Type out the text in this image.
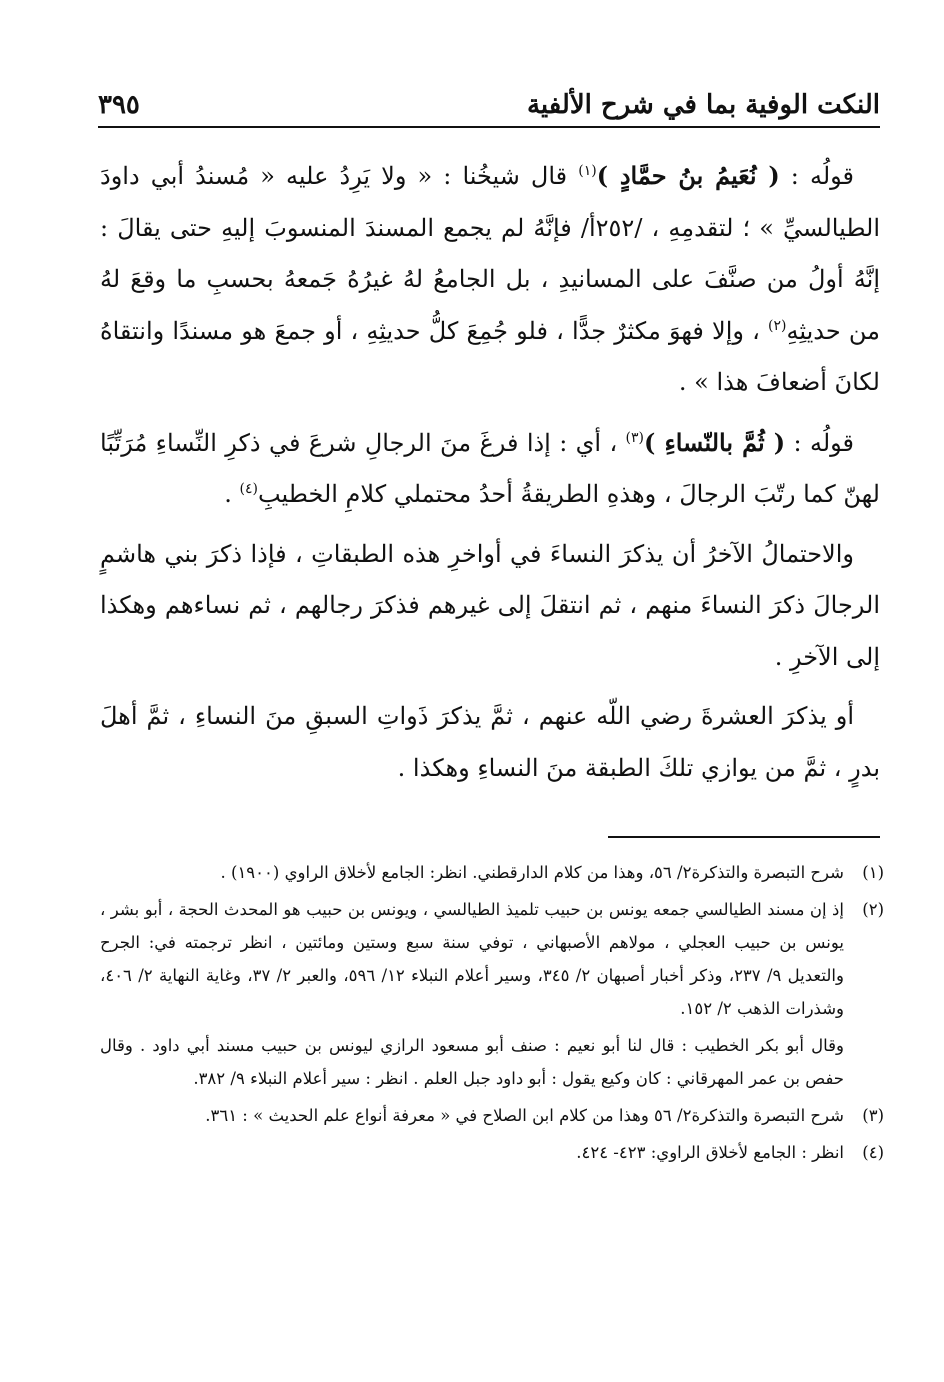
النكت الوفية بما في شرح الألفية
٣٩٥

قولُه : ( نُعَيمُ بنُ حمَّادٍ )$^{(١)}$ قال شيخُنا : « ولا يَرِدُ عليه « مُسندُ أبي داودَ الطيالسيِّ » ؛ لتقدمِهِ ، /٢٥٢أ/ فإنَّهُ لم يجمع المسندَ المنسوبَ إليهِ حتى يقالَ : إنَّهُ أولُ من صنَّفَ على المسانيدِ ، بل الجامعُ لهُ غيرُهُ جَمعهُ بحسبِ ما وقعَ لهُ من حديثِهِ$^{(٢)}$ ، وإلا فهوَ مكثرٌ جدًّا ، فلو جُمِعَ كلُّ حديثِهِ ، أو جمعَ هو مسندًا وانتقاهُ لكانَ أضعافَ هذا » .

قولُه : ( ثُمَّ بالنّساءِ )$^{(٣)}$ ، أي : إذا فرغَ منَ الرجالِ شرعَ في ذكرِ النِّساءِ مُرَتِّبًا لهنّ كما رتّبَ الرجالَ ، وهذهِ الطريقةُ أحدُ محتملي كلامِ الخطيبِ$^{(٤)}$ .

والاحتمالُ الآخرُ أن يذكرَ النساءَ في أواخرِ هذه الطبقاتِ ، فإذا ذكرَ بني هاشمٍ الرجالَ ذكرَ النساءَ منهم ، ثم انتقلَ إلى غيرهم فذكرَ رجالهم ، ثم نساءهم وهكذا إلى الآخرِ .

أو يذكرَ العشرةَ رضي اللّه عنهم ، ثمَّ يذكرَ ذَواتِ السبقِ منَ النساءِ ، ثمَّ أهلَ بدرٍ ، ثمَّ من يوازي تلكَ الطبقة منَ النساءِ وهكذا .

(١)شرح التبصرة والتذكرة٢/ ٥٦، وهذا من كلام الدارقطني. انظر: الجامع لأخلاق الراوي (١٩٠٠) .

(٢)إذ إن مسند الطيالسي جمعه يونس بن حبيب تلميذ الطيالسي ، ويونس بن حبيب هو المحدث الحجة ، أبو بشر ، يونس بن حبيب العجلي ، مولاهم الأصبهاني ، توفي سنة سبع وستين ومائتين ، انظر ترجمته في: الجرح والتعديل ٩/ ٢٣٧، وذكر أخبار أصبهان ٢/ ٣٤٥، وسير أعلام النبلاء ١٢/ ٥٩٦، والعبر ٢/ ٣٧، وغاية النهاية ٢/ ٤٠٦، وشذرات الذهب ٢/ ١٥٢.

وقال أبو بكر الخطيب : قال لنا أبو نعيم : صنف أبو مسعود الرازي ليونس بن حبيب مسند أبي داود . وقال حفص بن عمر المهرقاني : كان وكيع يقول : أبو داود جبل العلم . انظر : سير أعلام النبلاء ٩/ ٣٨٢.

(٣)شرح التبصرة والتذكرة٢/ ٥٦ وهذا من كلام ابن الصلاح في « معرفة أنواع علم الحديث » : ٣٦١.

(٤)انظر : الجامع لأخلاق الراوي: ٤٢٣- ٤٢٤.
